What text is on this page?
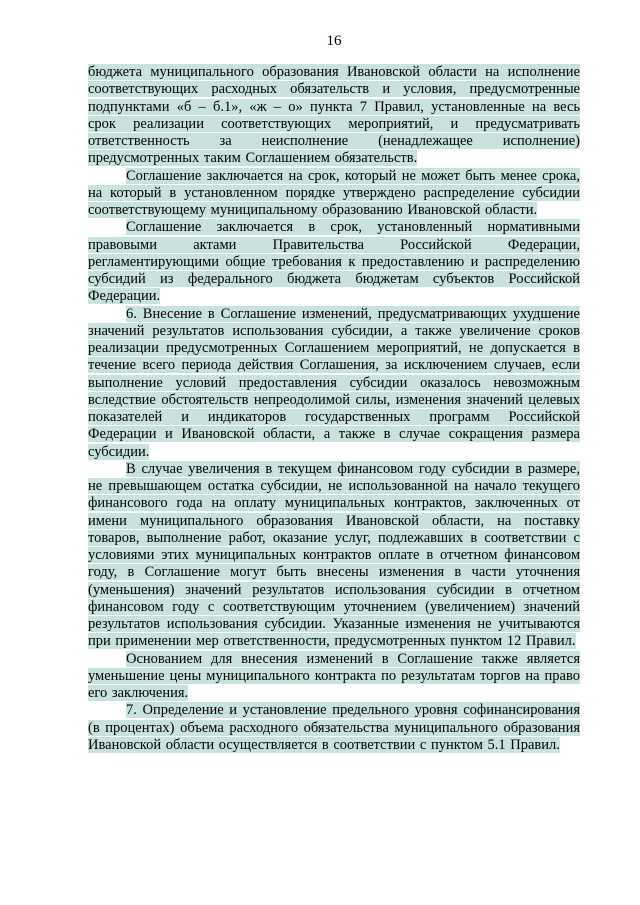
16

бюджета муниципального образования Ивановской области на исполнение соответствующих расходных обязательств и условия, предусмотренные подпунктами «б – б.1», «ж – о» пункта 7 Правил, установленные на весь срок реализации соответствующих мероприятий, и предусматривать ответственность за неисполнение (ненадлежащее исполнение) предусмотренных таким Соглашением обязательств.

Соглашение заключается на срок, который не может быть менее срока, на который в установленном порядке утверждено распределение субсидии соответствующему муниципальному образованию Ивановской области.

Соглашение заключается в срок, установленный нормативными правовыми актами Правительства Российской Федерации, регламентирующими общие требования к предоставлению и распределению субсидий из федерального бюджета бюджетам субъектов Российской Федерации.

6. Внесение в Соглашение изменений, предусматривающих ухудшение значений результатов использования субсидии, а также увеличение сроков реализации предусмотренных Соглашением мероприятий, не допускается в течение всего периода действия Соглашения, за исключением случаев, если выполнение условий предоставления субсидии оказалось невозможным вследствие обстоятельств непреодолимой силы, изменения значений целевых показателей и индикаторов государственных программ Российской Федерации и Ивановской области, а также в случае сокращения размера субсидии.

В случае увеличения в текущем финансовом году субсидии в размере, не превышающем остатка субсидии, не использованной на начало текущего финансового года на оплату муниципальных контрактов, заключенных от имени муниципального образования Ивановской области, на поставку товаров, выполнение работ, оказание услуг, подлежавших в соответствии с условиями этих муниципальных контрактов оплате в отчетном финансовом году, в Соглашение могут быть внесены изменения в части уточнения (уменьшения) значений результатов использования субсидии в отчетном финансовом году с соответствующим уточнением (увеличением) значений результатов использования субсидии. Указанные изменения не учитываются при применении мер ответственности, предусмотренных пунктом 12 Правил.

Основанием для внесения изменений в Соглашение также является уменьшение цены муниципального контракта по результатам торгов на право его заключения.

7. Определение и установление предельного уровня софинансирования (в процентах) объема расходного обязательства муниципального образования Ивановской области осуществляется в соответствии с пунктом 5.1 Правил.
